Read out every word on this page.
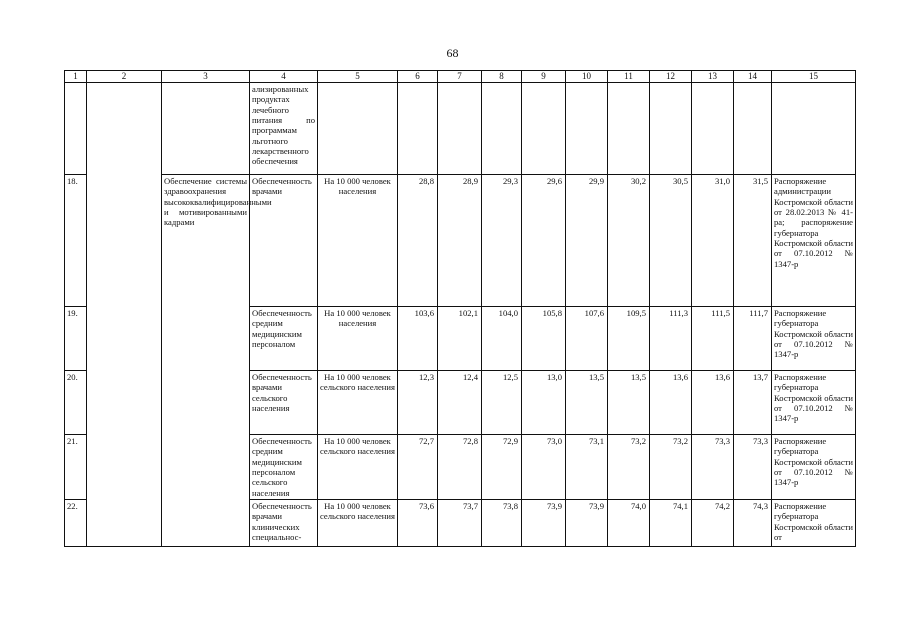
68
1	2	3	4	5	6	7	8	9	10	11	12	13	14	15
			ализированных продуктах лечебного питания по программам льготного лекарственного обеспечения											
18.		Обеспечение системы здравоохранения высококвалифицированными и мотивированными кадрами	Обеспеченность врачами	На 10 000 человек населения	28,8	28,9	29,3	29,6	29,9	30,2	30,5	31,0	31,5	Распоряжение администрации Костромской области от 28.02.2013 № 41-ра; распоряжение губернатора Костромской области от 07.10.2012 № 1347-р
19.			Обеспеченность средним медицинским персоналом	На 10 000 человек населения	103,6	102,1	104,0	105,8	107,6	109,5	111,3	111,5	111,7	Распоряжение губернатора Костромской области от 07.10.2012 № 1347-р
20.			Обеспеченность врачами сельского населения	На 10 000 человек сельского населения	12,3	12,4	12,5	13,0	13,5	13,5	13,6	13,6	13,7	Распоряжение губернатора Костромской области от 07.10.2012 № 1347-р
21.			Обеспеченность средним медицинским персоналом сельского населения	На 10 000 человек сельского населения	72,7	72,8	72,9	73,0	73,1	73,2	73,2	73,3	73,3	Распоряжение губернатора Костромской области от 07.10.2012 № 1347-р
22.			Обеспеченность врачами клинических специальнос-	На 10 000 человек сельского населения	73,6	73,7	73,8	73,9	73,9	74,0	74,1	74,2	74,3	Распоряжение губернатора Костромской области от
